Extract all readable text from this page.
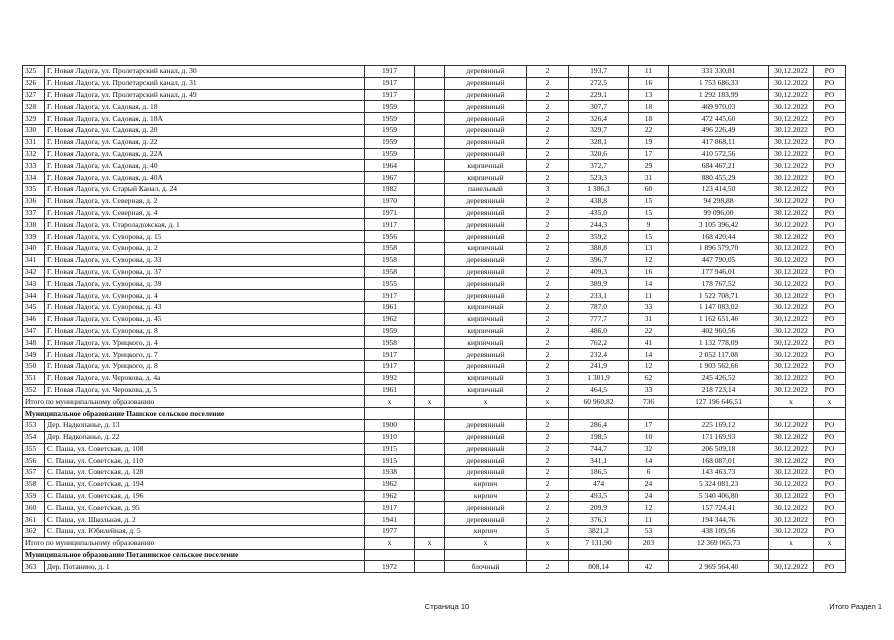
325	Г. Новая Ладога, ул. Пролетарский канал, д. 30	1917		деревянный	2	193,7	11	331 330,81	30.12.2022	РО
326	Г. Новая Ладога, ул. Пролетарский канал, д. 31	1917		деревянный	2	272,5	16	1 753 686,33	30.12.2022	РО
327	Г. Новая Ладога, ул. Пролетарский канал, д. 49	1917		деревянный	2	229,1	13	1 292 183,99	30.12.2022	РО
328	Г. Новая Ладога, ул. Садовая, д. 18	1959		деревянный	2	307,7	18	469 970,03	30.12.2022	РО
329	Г. Новая Ладога, ул. Садовая, д. 18А	1959		деревянный	2	326,4	18	472 445,60	30.12.2022	РО
330	Г. Новая Ладога, ул. Садовая, д. 20	1959		деревянный	2	329,7	22	496 226,49	30.12.2022	РО
331	Г. Новая Ладога, ул. Садовая, д. 22	1959		деревянный	2	328,1	19	417 868,11	30.12.2022	РО
332	Г. Новая Ладога, ул. Садовая, д. 22А	1959		деревянный	2	320,6	17	410 572,56	30.12.2022	РО
333	Г. Новая Ладога, ул. Садовая, д. 40	1964		кирпичный	2	372,7	29	684 467,21	30.12.2022	РО
334	Г. Новая Ладога, ул. Садовая, д. 40А	1967		кирпичный	2	523,3	31	880 455,29	30.12.2022	РО
335	Г. Новая Ладога, ул. Старый Канал, д. 24	1982		панельный	3	1 386,3	60	123 414,50	30.12.2022	РО
336	Г. Новая Ладога, ул. Северная, д. 2	1970		деревянный	2	438,8	15	94 298,88	30.12.2022	РО
337	Г. Новая Ладога, ул. Северная, д. 4	1971		деревянный	2	435,0	15	99 096,00	30.12.2022	РО
338	Г. Новая Ладога, ул. Староладожская, д. 1	1917		деревянный	2	244,3	9	3 105 396,42	30.12.2022	РО
339	Г. Новая Ладога, ул. Суворова, д. 15	1956		деревянный	2	359,2	15	168 420,44	30.12.2022	РО
340	Г. Новая Ладога, ул. Суворова, д. 2	1958		кирпичный	2	388,8	13	1 896 579,70	30.12.2022	РО
341	Г. Новая Ладога, ул. Суворова, д. 33	1958		деревянный	2	396,7	12	447 790,05	30.12.2022	РО
342	Г. Новая Ладога, ул. Суворова, д. 37	1958		деревянный	2	409,3	16	177 946,01	30.12.2022	РО
343	Г. Новая Ладога, ул. Суворова, д. 39	1955		деревянный	2	389,9	14	178 767,52	30.12.2022	РО
344	Г. Новая Ладога, ул. Суворова, д. 4	1917		деревянный	2	233,1	11	1 522 708,71	30.12.2022	РО
345	Г. Новая Ладога, ул. Суворова, д. 43	1961		кирпичный	2	787,0	33	1 147 083,02	30.12.2022	РО
346	Г. Новая Ладога, ул. Суворова, д. 45	1962		кирпичный	2	777,7	31	1 162 651,46	30.12.2022	РО
347	Г. Новая Ладога, ул. Суворова, д. 8	1959		кирпичный	2	486,0	22	402 960,56	30.12.2022	РО
348	Г. Новая Ладога, ул. Урицкого, д. 4	1958		кирпичный	2	762,2	41	1 132 778,09	30.12.2022	РО
349	Г. Новая Ладога, ул. Урицкого, д. 7	1917		деревянный	2	232,4	14	2 052 117,08	30.12.2022	РО
350	Г. Новая Ладога, ул. Урицкого, д. 8	1917		деревянный	2	241,9	12	1 903 562,66	30.12.2022	РО
351	Г. Новая Ладога, ул. Черокова, д. 4а	1992		кирпичный	3	1 301,9	62	245 426,52	30.12.2022	РО
352	Г. Новая Ладога, ул. Черокова, д. 5	1961		кирпичный	2	464,5	33	218 723,14	30.12.2022	РО
Итого по муниципальному образованию		х	х	х	х	60 960,82	736	127 196 646,51	х	х
Муниципальное образование Пашское сельское поселение										
353	Дер. Надкопанье, д. 13	1900		деревянный	2	286,4	17	225 169,12	30.12.2022	РО
354	Дер. Надкопанье, д. 22	1910		деревянный	2	198,5	10	171 169,93	30.12.2022	РО
355	С. Паша, ул. Советская, д. 108	1915		деревянный	2	744,7	32	206 509,18	30.12.2022	РО
356	С. Паша, ул. Советская, д. 110	1915		деревянный	2	341,1	14	168 087,01	30.12.2022	РО
357	С. Паша, ул. Советская, д. 128	1938		деревянный	2	186,5	6	143 463,73	30.12.2022	РО
358	С. Паша, ул. Советская, д. 194	1962		кирпич	2	474	24	5 324 081,23	30.12.2022	РО
359	С. Паша, ул. Советская, д. 196	1962		кирпич	2	493,5	24	5 340 406,80	30.12.2022	РО
360	С. Паша, ул. Советская, д. 95	1917		деревянный	2	209,9	12	157 724,41	30.12.2022	РО
361	С. Паша, ул. Школьная, д. 2	1941		деревянный	2	376,1	11	194 344,76	30.12.2022	РО
362	С. Паша, ул. Юбилейная, д. 5	1977		кирпич	5	3821,2	53	438 109,56	30.12.2022	РО
Итого по муниципальному образованию		х	х	х	х	7 131,90	203	12 369 065,73	х	х
Муниципальное образование Потанинское сельское поселение										
363	Дер. Потанино, д. 1	1972		блочный	2	808,14	42	2 969 564,40	30.12.2022	РО
Страница 10	Итого Раздел 1
